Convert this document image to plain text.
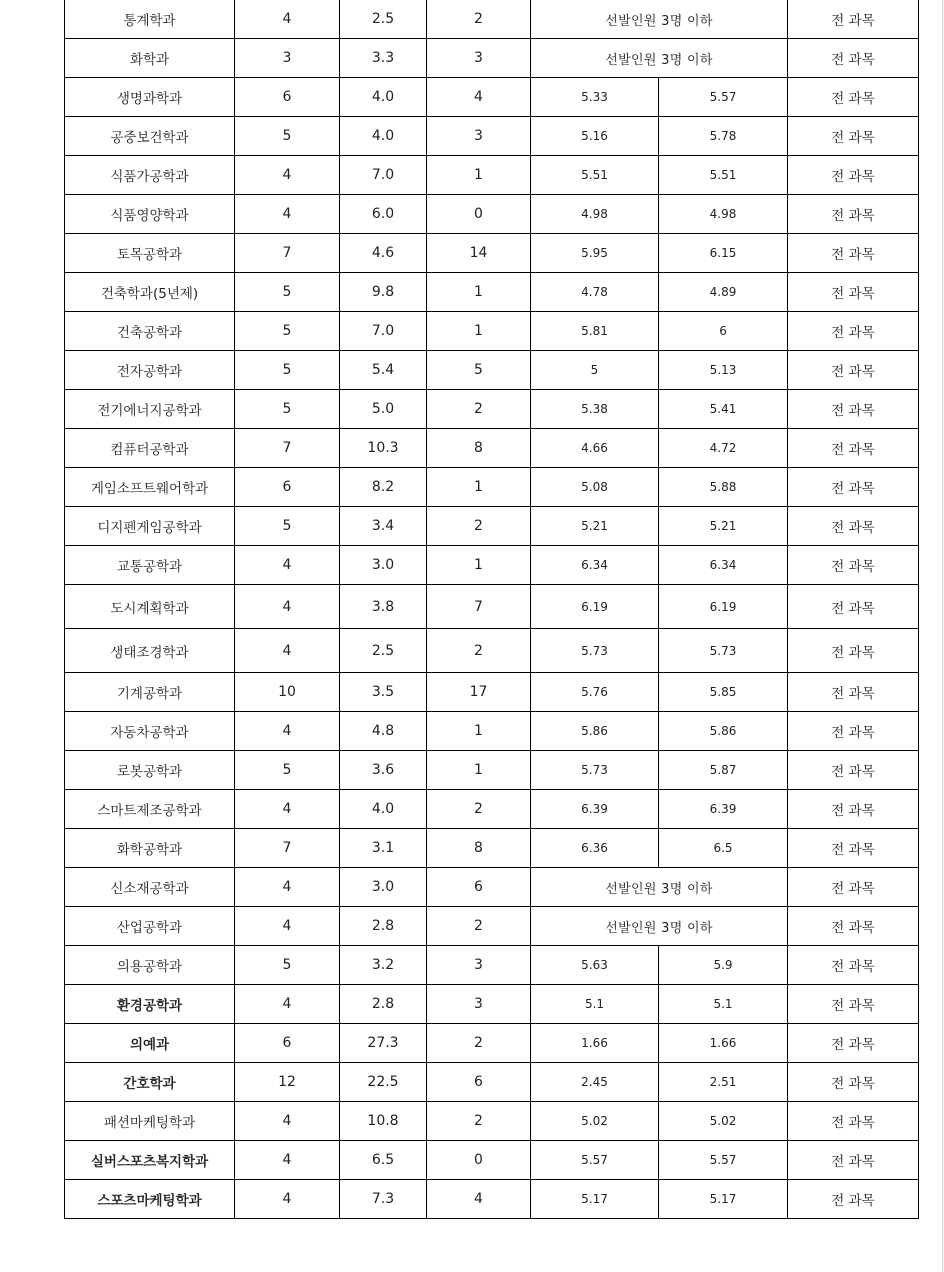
통계학과	4	2.5	2	선발인원 3명 이하		전 과목
화학과	3	3.3	3	선발인원 3명 이하		전 과목
생명과학과	6	4.0	4	5.33	5.57	전 과목
공중보건학과	5	4.0	3	5.16	5.78	전 과목
식품가공학과	4	7.0	1	5.51	5.51	전 과목
식품영양학과	4	6.0	0	4.98	4.98	전 과목
토목공학과	7	4.6	14	5.95	6.15	전 과목
건축학과(5년제)	5	9.8	1	4.78	4.89	전 과목
건축공학과	5	7.0	1	5.81	6	전 과목
전자공학과	5	5.4	5	5	5.13	전 과목
전기에너지공학과	5	5.0	2	5.38	5.41	전 과목
컴퓨터공학과	7	10.3	8	4.66	4.72	전 과목
게임소프트웨어학과	6	8.2	1	5.08	5.88	전 과목
디지펜게임공학과	5	3.4	2	5.21	5.21	전 과목
교통공학과	4	3.0	1	6.34	6.34	전 과목
도시계획학과	4	3.8	7	6.19	6.19	전 과목
생태조경학과	4	2.5	2	5.73	5.73	전 과목
기계공학과	10	3.5	17	5.76	5.85	전 과목
자동차공학과	4	4.8	1	5.86	5.86	전 과목
로봇공학과	5	3.6	1	5.73	5.87	전 과목
스마트제조공학과	4	4.0	2	6.39	6.39	전 과목
화학공학과	7	3.1	8	6.36	6.5	전 과목
신소재공학과	4	3.0	6	선발인원 3명 이하		전 과목
산업공학과	4	2.8	2	선발인원 3명 이하		전 과목
의용공학과	5	3.2	3	5.63	5.9	전 과목
환경공학과	4	2.8	3	5.1	5.1	전 과목
의예과	6	27.3	2	1.66	1.66	전 과목
간호학과	12	22.5	6	2.45	2.51	전 과목
패션마케팅학과	4	10.8	2	5.02	5.02	전 과목
실버스포츠복지학과	4	6.5	0	5.57	5.57	전 과목
스포츠마케팅학과	4	7.3	4	5.17	5.17	전 과목
